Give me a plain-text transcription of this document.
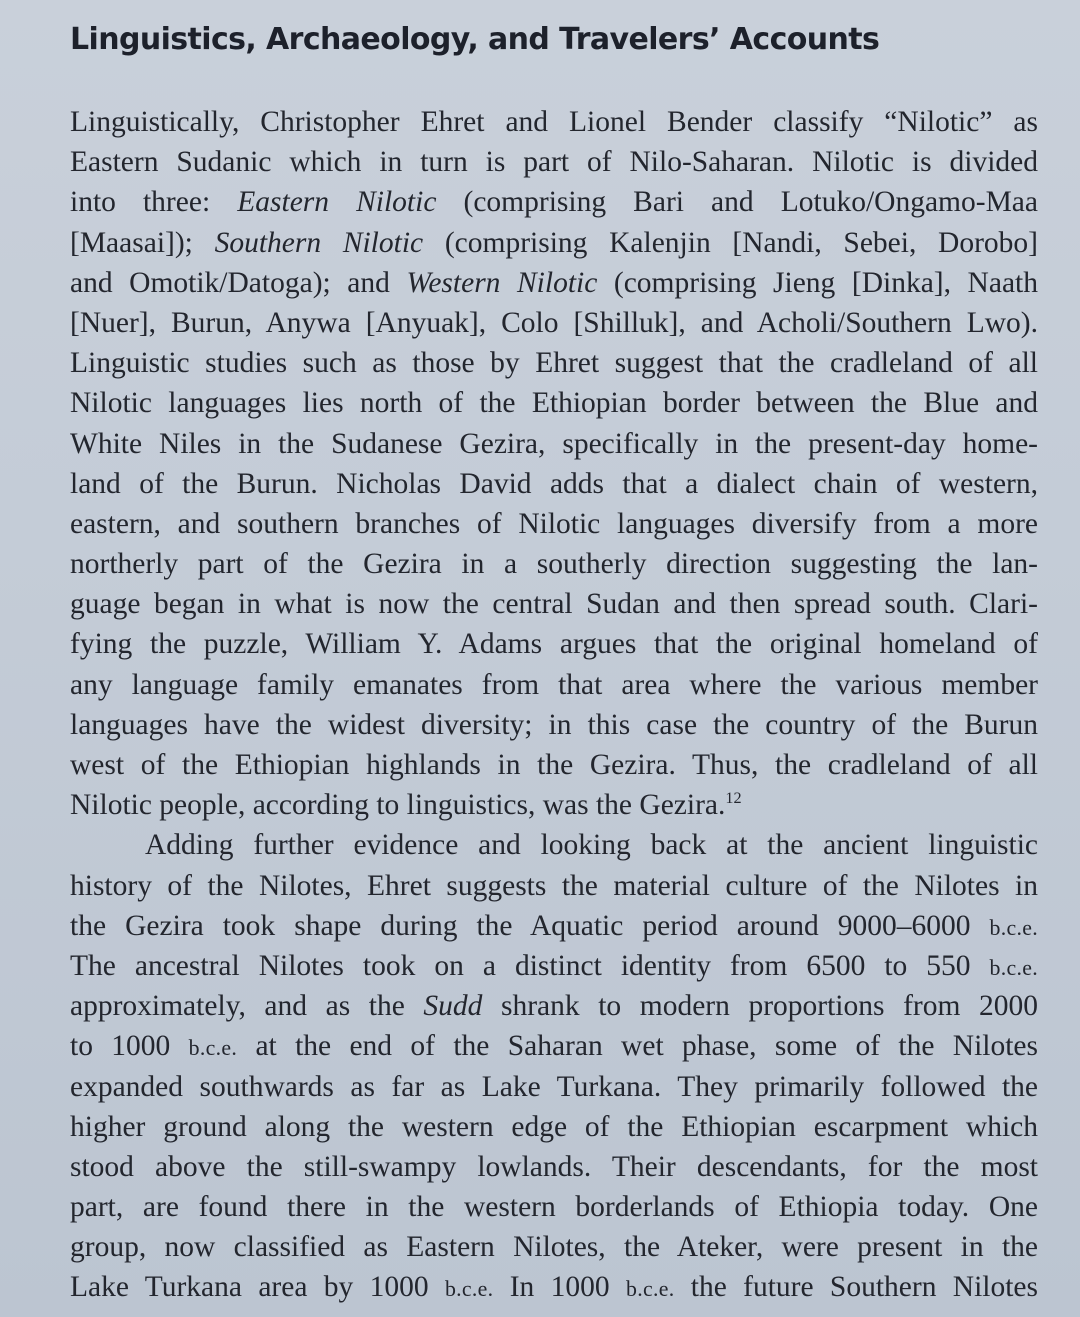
Linguistics, Archaeology, and Travelers’ Accounts
Linguistically, Christopher Ehret and Lionel Bender classify “Nilotic” as
Eastern Sudanic which in turn is part of Nilo-Saharan. Nilotic is divided
into three: Eastern Nilotic (comprising Bari and Lotuko/Ongamo-Maa
[Maasai]); Southern Nilotic (comprising Kalenjin [Nandi, Sebei, Dorobo]
and Omotik/Datoga); and Western Nilotic (comprising Jieng [Dinka], Naath
[Nuer], Burun, Anywa [Anyuak], Colo [Shilluk], and Acholi/Southern Lwo).
Linguistic studies such as those by Ehret suggest that the cradleland of all
Nilotic languages lies north of the Ethiopian border between the Blue and
White Niles in the Sudanese Gezira, specifically in the present-day home-
land of the Burun. Nicholas David adds that a dialect chain of western,
eastern, and southern branches of Nilotic languages diversify from a more
northerly part of the Gezira in a southerly direction suggesting the lan-
guage began in what is now the central Sudan and then spread south. Clari-
fying the puzzle, William Y. Adams argues that the original homeland of
any language family emanates from that area where the various member
languages have the widest diversity; in this case the country of the Burun
west of the Ethiopian highlands in the Gezira. Thus, the cradleland of all
Nilotic people, according to linguistics, was the Gezira.$^{12}$
Adding further evidence and looking back at the ancient linguistic
history of the Nilotes, Ehret suggests the material culture of the Nilotes in
the Gezira took shape during the Aquatic period around 9000–6000 b.c.e.
The ancestral Nilotes took on a distinct identity from 6500 to 550 b.c.e.
approximately, and as the Sudd shrank to modern proportions from 2000
to 1000 b.c.e. at the end of the Saharan wet phase, some of the Nilotes
expanded southwards as far as Lake Turkana. They primarily followed the
higher ground along the western edge of the Ethiopian escarpment which
stood above the still-swampy lowlands. Their descendants, for the most
part, are found there in the western borderlands of Ethiopia today. One
group, now classified as Eastern Nilotes, the Ateker, were present in the
Lake Turkana area by 1000 b.c.e. In 1000 b.c.e. the future Southern Nilotes
